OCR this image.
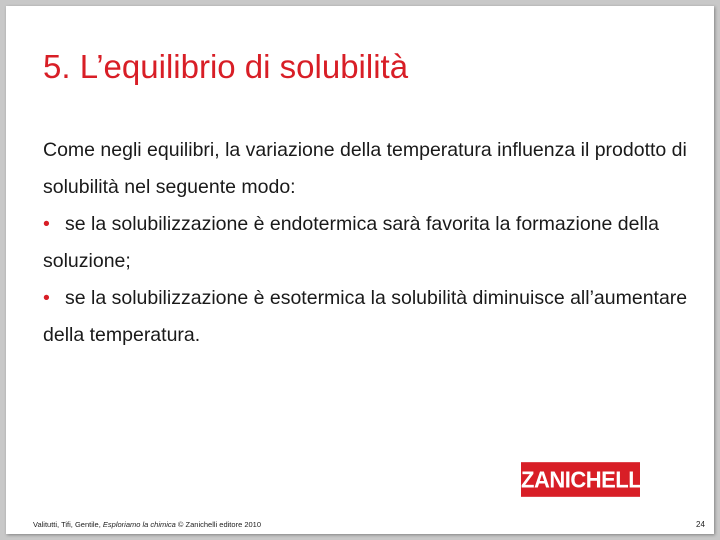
5. L’equilibrio di solubilità

Come negli equilibri, la variazione della temperatura influenza il prodotto di solubilità nel seguente modo:

• se la solubilizzazione è endotermica sarà favorita la formazione della soluzione;

• se la solubilizzazione è esotermica la solubilità diminuisce all’aumentare della temperatura.

ZANICHELLI
Valitutti, Tifi, Gentile, Esploriamo la chimica © Zanichelli editore 2010	24
